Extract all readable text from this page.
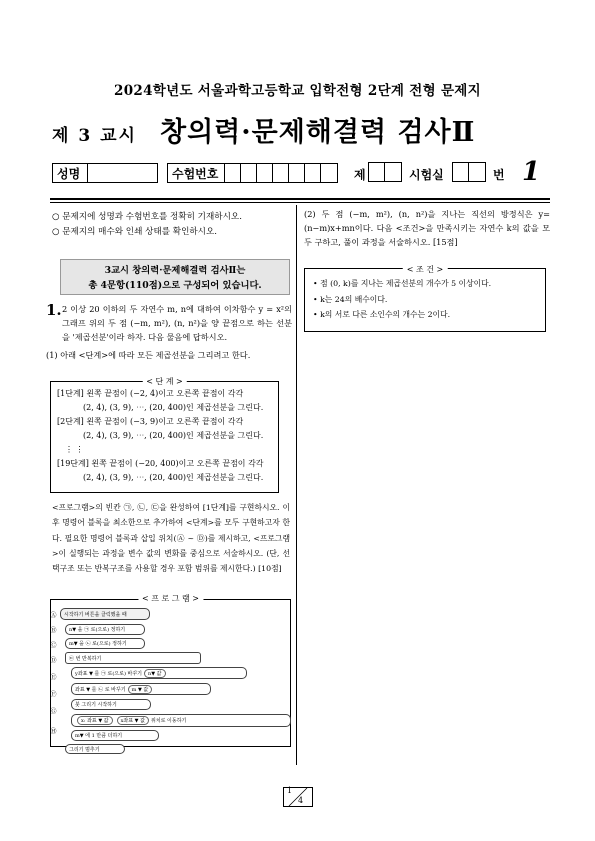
2024학년도 서울과학고등학교 입학전형 2단계 전형 문제지
제 3 교시 창의력·문제해결력 검사Ⅱ
성명	수험번호	제	시험실	번 1
○ 문제지에 성명과 수험번호를 정확히 기재하시오.
○ 문제지의 매수와 인쇄 상태를 확인하시오.
3교시 창의력·문제해결력 검사Ⅱ는
총 4문항(110점)으로 구성되어 있습니다.
1. 2 이상 20 이하의 두 자연수 m, n에 대하여 이차함수 y = x²의 그래프 위의 두 점 (−m, m²), (n, n²)을 양 끝점으로 하는 선분을 '제곱선분'이라 하자. 다음 물음에 답하시오.
(1) 아래 <단계>에 따라 모든 제곱선분을 그리려고 한다.
< 단 계 >
[1단계] 왼쪽 끝점이 (−2, 4)이고 오른쪽 끝점이 각각
(2, 4), (3, 9), ⋯, (20, 400)인 제곱선분을 그린다.
[2단계] 왼쪽 끝점이 (−3, 9)이고 오른쪽 끝점이 각각
(2, 4), (3, 9), ⋯, (20, 400)인 제곱선분을 그린다.
⋮ ⋮
[19단계] 왼쪽 끝점이 (−20, 400)이고 오른쪽 끝점이 각각
(2, 4), (3, 9), ⋯, (20, 400)인 제곱선분을 그린다.
<프로그램>의 빈칸 ㉠, ㉡, ㉢을 완성하여 [1단계]를 구현하시오. 이후 명령어 블록을 최소한으로 추가하여 <단계>를 모두 구현하고자 한다. 필요한 명령어 블록과 삽입 위치(Ⓐ ~ Ⓓ)를 제시하고, <프로그램>이 실행되는 과정을 변수 값의 변화를 중심으로 서술하시오. (단, 선택구조 또는 반복구조를 사용할 경우 포함 범위를 제시한다.) [10점]
< 프 로 그 램 >
Ⓐ
Ⓑ
Ⓒ
Ⓓ
Ⓔ
Ⓕ
Ⓖ
Ⓗ
시작하기 버튼을 클릭했을 때
n▼ 을 ㉠ 로(으로) 정하기
m▼ 을 ㉡ 로(으로) 정하기
㉢ 번 반복하기
y좌표 ▼ 를 ㉠ 로(으로) 바꾸기	n▼ 값
좌표 ▼ 를 ㉡ 로 바꾸기	m ▼ 값
붓 그리기 시작하기
x: 좌표 ▼ 값	x좌표 ▼ 값	위치로 이동하기
m▼ 에 1 만큼 더하기
그리기 멈추기
(2) 두 점 (−m, m²), (n, n²)을 지나는 직선의 방정식은 y=(n−m)x+mn이다. 다음 <조건>을 만족시키는 자연수 k의 값을 모두 구하고, 풀이 과정을 서술하시오. [15점]
< 조 건 >
• 점 (0, k)를 지나는 제곱선분의 개수가 5 이상이다.
• k는 24의 배수이다.
• k의 서로 다른 소인수의 개수는 2이다.
1
4
